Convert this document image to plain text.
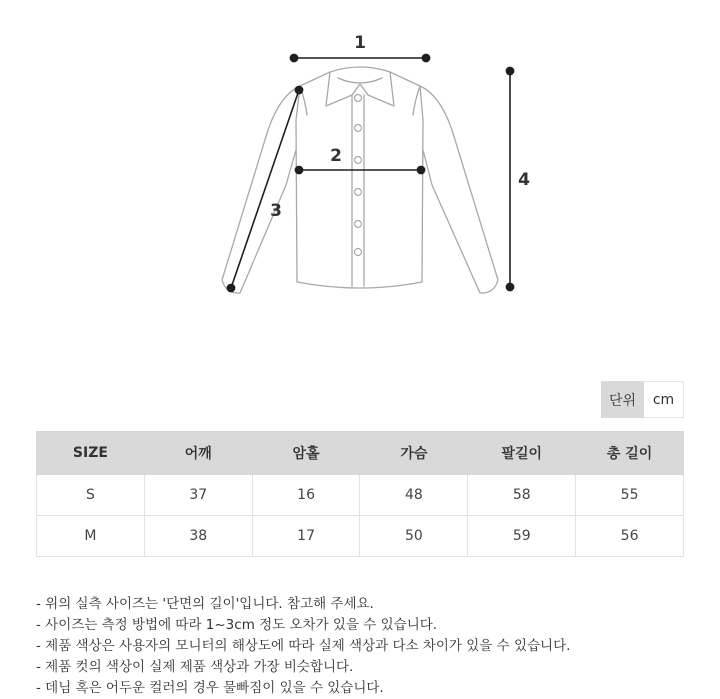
1
2
3
4
단위	cm
SIZE	어깨	암홀	가슴	팔길이	총 길이
S	37	16	48	58	55
M	38	17	50	59	56
- 위의 실측 사이즈는 '단면의 길이'입니다. 참고해 주세요.
- 사이즈는 측정 방법에 따라 1~3cm 정도 오차가 있을 수 있습니다.
- 제품 색상은 사용자의 모니터의 해상도에 따라 실제 색상과 다소 차이가 있을 수 있습니다.
- 제품 컷의 색상이 실제 제품 색상과 가장 비슷합니다.
- 데님 혹은 어두운 컬러의 경우 물빠짐이 있을 수 있습니다.
